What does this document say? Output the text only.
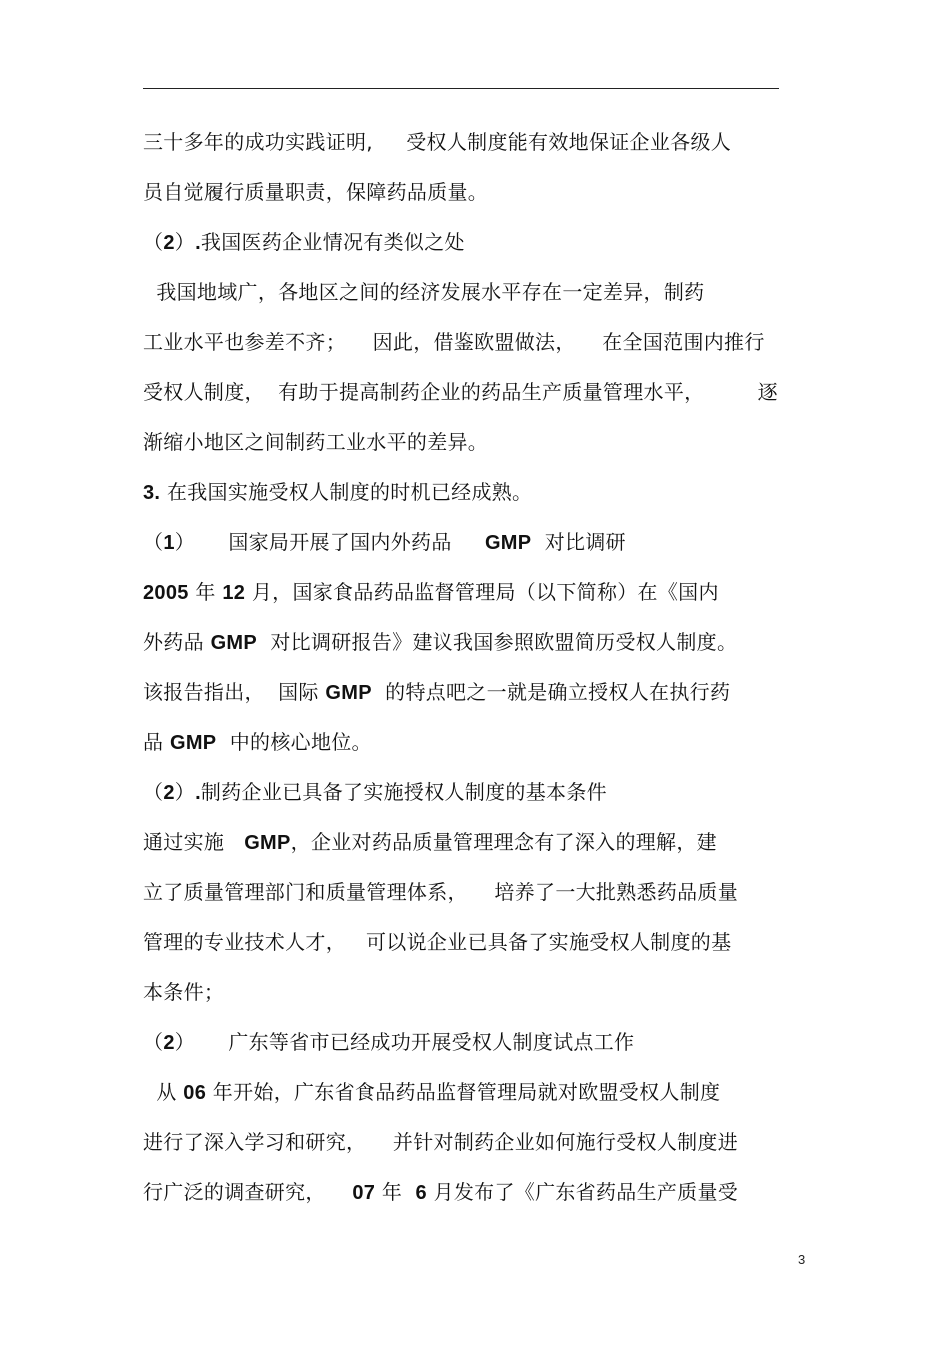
三十多年的成功实践证明,     受权人制度能有效地保证企业各级人
员自觉履行质量职责，保障药品质量。
（2）.我国医药企业情况有类似之处
我国地域广，各地区之间的经济发展水平存在一定差异，制药
工业水平也参差不齐；    因此，借鉴欧盟做法，    在全国范围内推行
受权人制度，  有助于提高制药企业的药品生产质量管理水平，        逐
渐缩小地区之间制药工业水平的差异。
3. 在我国实施受权人制度的时机已经成熟。
（1）     国家局开展了国内外药品     GMP  对比调研
2005 年 12 月，国家食品药品监督管理局（以下简称）在《国内
外药品 GMP  对比调研报告》建议我国参照欧盟简历受权人制度。
该报告指出，  国际 GMP  的特点吧之一就是确立授权人在执行药
品 GMP  中的核心地位。
（2）.制药企业已具备了实施授权人制度的基本条件
通过实施   GMP，企业对药品质量管理理念有了深入的理解，建
立了质量管理部门和质量管理体系，    培养了一大批熟悉药品质量
管理的专业技术人才，   可以说企业已具备了实施受权人制度的基
本条件；
（2）     广东等省市已经成功开展受权人制度试点工作
从 06 年开始，广东省食品药品监督管理局就对欧盟受权人制度
进行了深入学习和研究，    并针对制药企业如何施行受权人制度进
行广泛的调查研究，    07 年  6 月发布了《广东省药品生产质量受
3
